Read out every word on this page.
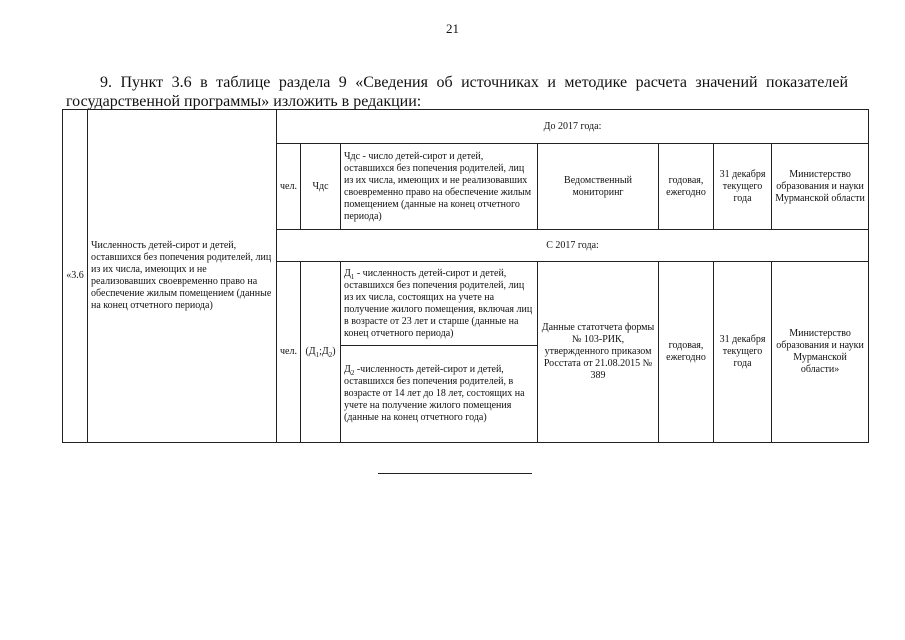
21

9. Пункт 3.6 в таблице раздела 9 «Сведения об источниках и методике расчета значений показателей государственной программы» изложить в редакции:

«3.6	Численность детей-сирот и детей, оставшихся без попечения родителей, лиц из их числа, имеющих и не реализовавших своевременно право на обеспечение жилым помещением (данные на конец отчетного периода)	До 2017 года:						
		чел.	Чдс	Чдс - число детей-сирот и детей, оставшихся без попечения родителей, лиц из их числа, имеющих и не реализовавших своевременно право на обеспечение жилым помещением (данные на конец отчетного периода)	Ведомственный мониторинг	годовая, ежегодно	31 декабря текущего года	Министерство образования и науки Мурманской области
		С 2017 года:						
		чел.	$(Д_1;Д_2)$	$Д_1$ - численность детей-сирот и детей, оставшихся без попечения родителей, лиц из их числа, состоящих на учете на получение жилого помещения, включая лиц в возрасте от 23 лет и старше (данные на конец отчетного периода)	Данные статотчета формы № 103-РИК, утвержденного приказом Росстата от 21.08.2015 № 389	годовая, ежегодно	31 декабря текущего года	Министерство образования и науки Мурманской области»
				$Д_2$ -численность детей-сирот и детей, оставшихся без попечения родителей, в возрасте от 14 лет до 18 лет, состоящих на учете на получение жилого помещения (данные на конец отчетного года)				
